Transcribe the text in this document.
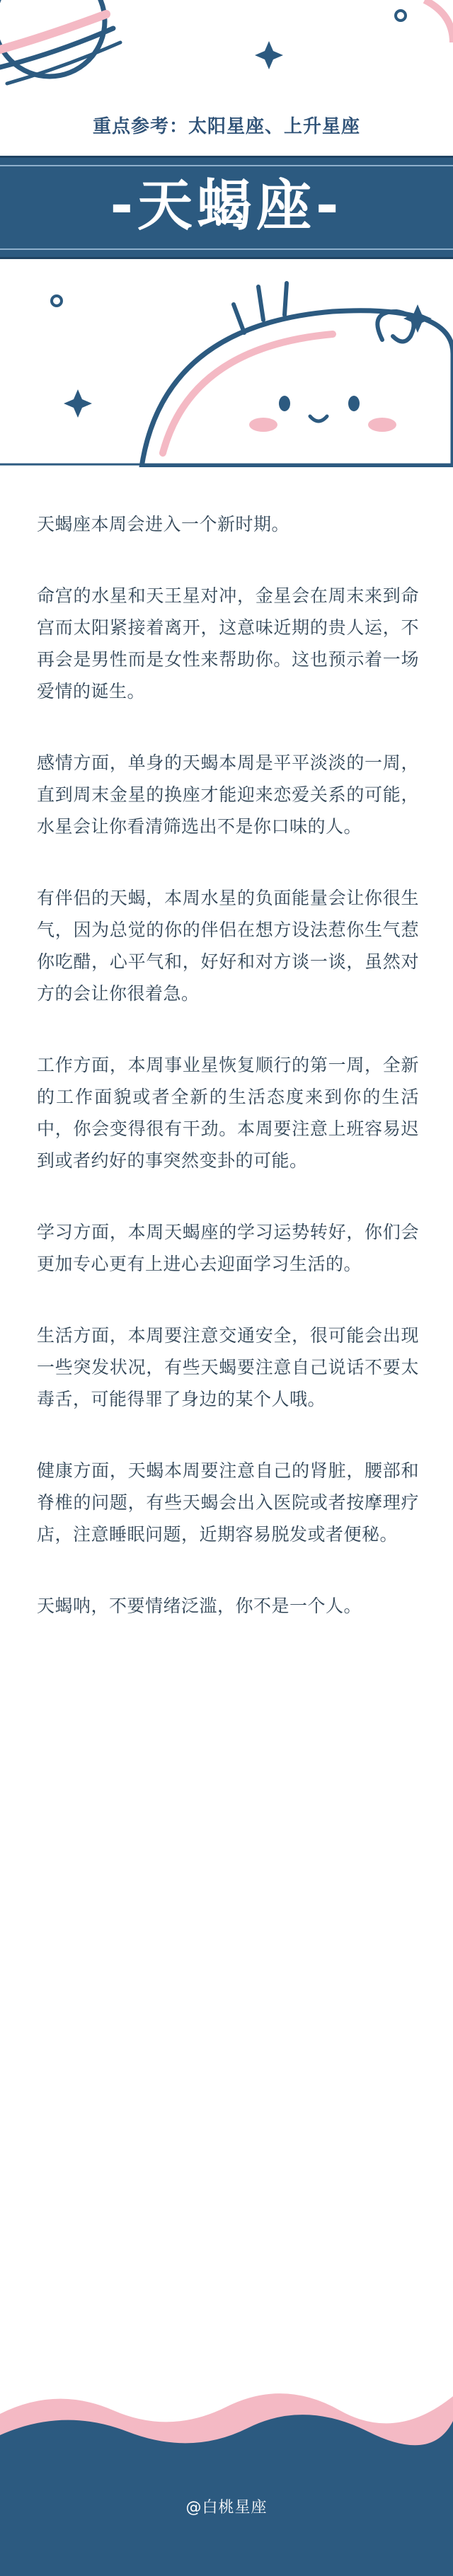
重点参考：太阳星座、上升星座
-天蝎座-

天蝎座本周会进入一个新时期。

命宫的水星和天王星对冲，金星会在周末来到命宫而太阳紧接着离开，这意味近期的贵人运，不再会是男性而是女性来帮助你。这也预示着一场爱情的诞生。

感情方面，单身的天蝎本周是平平淡淡的一周，直到周末金星的换座才能迎来恋爱关系的可能，水星会让你看清筛选出不是你口味的人。

有伴侣的天蝎，本周水星的负面能量会让你很生气，因为总觉的你的伴侣在想方设法惹你生气惹你吃醋，心平气和，好好和对方谈一谈，虽然对方的会让你很着急。

工作方面，本周事业星恢复顺行的第一周，全新的工作面貌或者全新的生活态度来到你的生活中，你会变得很有干劲。本周要注意上班容易迟到或者约好的事突然变卦的可能。

学习方面，本周天蝎座的学习运势转好，你们会更加专心更有上进心去迎面学习生活的。

生活方面，本周要注意交通安全，很可能会出现一些突发状况，有些天蝎要注意自己说话不要太毒舌，可能得罪了身边的某个人哦。

健康方面，天蝎本周要注意自己的肾脏，腰部和脊椎的问题，有些天蝎会出入医院或者按摩理疗店，注意睡眠问题，近期容易脱发或者便秘。

天蝎呐，不要情绪泛滥，你不是一个人。

@白桃星座
